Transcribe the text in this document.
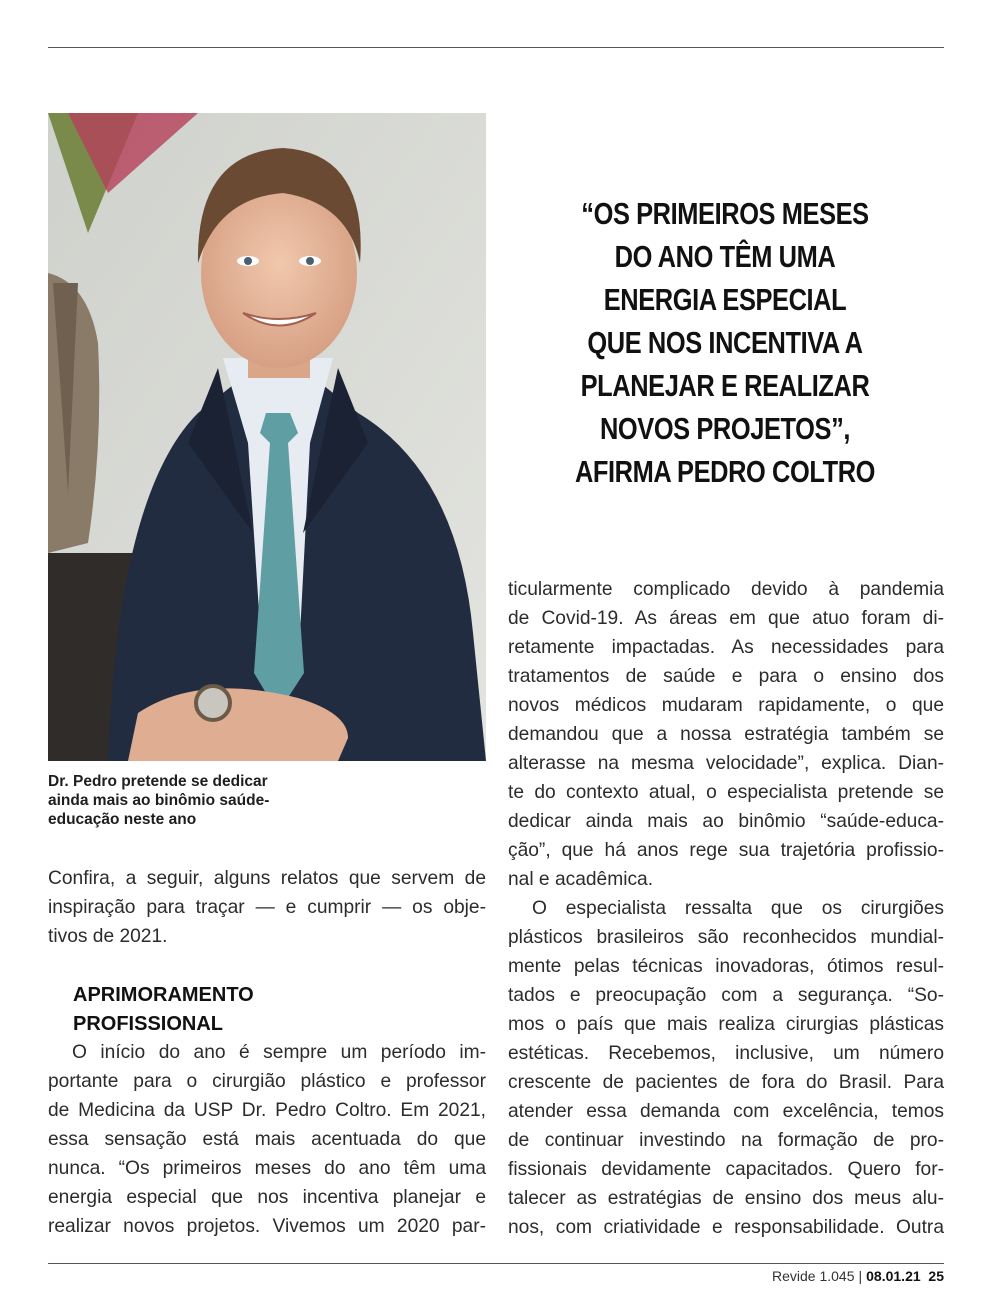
Dr. Pedro pretende se dedicar
ainda mais ao binômio saúde-
educação neste ano
“OS PRIMEIROS MESES
DO ANO TÊM UMA
ENERGIA ESPECIAL
QUE NOS INCENTIVA A
PLANEJAR E REALIZAR
NOVOS PROJETOS”,
AFIRMA PEDRO COLTRO
Confira, a seguir, alguns relatos que servem de
inspiração para traçar — e cumprir — os obje-
tivos de 2021.
APRIMORAMENTO
PROFISSIONAL
O início do ano é sempre um período im-
portante para o cirurgião plástico e professor
de Medicina da USP Dr. Pedro Coltro. Em 2021,
essa sensação está mais acentuada do que
nunca. “Os primeiros meses do ano têm uma
energia especial que nos incentiva planejar e
realizar novos projetos. Vivemos um 2020 par-
ticularmente complicado devido à pandemia
de Covid-19. As áreas em que atuo foram di-
retamente impactadas. As necessidades para
tratamentos de saúde e para o ensino dos
novos médicos mudaram rapidamente, o que
demandou que a nossa estratégia também se
alterasse na mesma velocidade”, explica. Dian-
te do contexto atual, o especialista pretende se
dedicar ainda mais ao binômio “saúde-educa-
ção”, que há anos rege sua trajetória profissio-
nal e acadêmica.
O especialista ressalta que os cirurgiões
plásticos brasileiros são reconhecidos mundial-
mente pelas técnicas inovadoras, ótimos resul-
tados e preocupação com a segurança. “So-
mos o país que mais realiza cirurgias plásticas
estéticas. Recebemos, inclusive, um número
crescente de pacientes de fora do Brasil. Para
atender essa demanda com excelência, temos
de continuar investindo na formação de pro-
fissionais devidamente capacitados. Quero for-
talecer as estratégias de ensino dos meus alu-
nos, com criatividade e responsabilidade. Outra
Revide 1.045 | 08.01.21 25
